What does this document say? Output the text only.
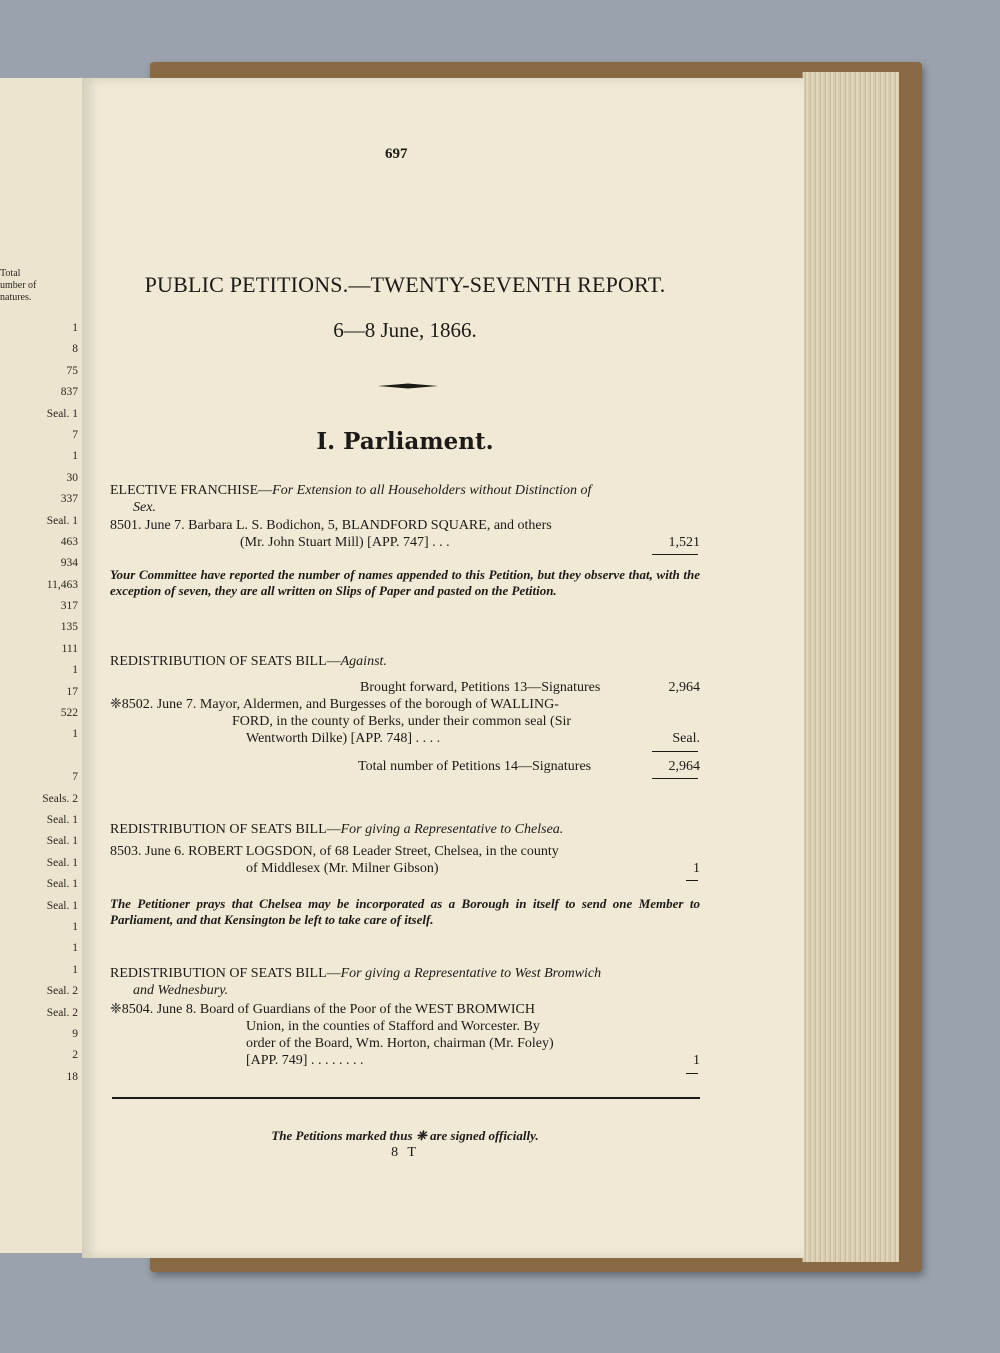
Total
umber of
natures.
1
8
75
837
Seal. 1
7
1
30
337
Seal. 1
463
934
11,463
317
135
111
1
17
522
1
7
Seals. 2
Seal. 1
Seal. 1
Seal. 1
Seal. 1
Seal. 1
1
1
1
Seal. 2
Seal. 2
9
2
18
697
PUBLIC PETITIONS.—TWENTY-SEVENTH REPORT.
6—8 June, 1866.
I. Parliament.
ELECTIVE FRANCHISE—For Extension to all Householders without Distinction of
Sex.
8501. June 7. Barbara L. S. Bodichon, 5, BLANDFORD SQUARE, and others
(Mr. John Stuart Mill) [APP. 747] . . .	1,521
Your Committee have reported the number of names appended to this Petition, but they observe that, with the exception of seven, they are all written on Slips of Paper and pasted on the Petition.
REDISTRIBUTION OF SEATS BILL—Against.
Brought forward, Petitions 13—Signatures	2,964
❈8502. June 7. Mayor, Aldermen, and Burgesses of the borough of WALLING-
FORD, in the county of Berks, under their common seal (Sir
Wentworth Dilke) [APP. 748] . . . .	Seal.
Total number of Petitions 14—Signatures	2,964
REDISTRIBUTION OF SEATS BILL—For giving a Representative to Chelsea.
8503. June 6. ROBERT LOGSDON, of 68 Leader Street, Chelsea, in the county
of Middlesex (Mr. Milner Gibson)	1
The Petitioner prays that Chelsea may be incorporated as a Borough in itself to send one Member to Parliament, and that Kensington be left to take care of itself.
REDISTRIBUTION OF SEATS BILL—For giving a Representative to West Bromwich
and Wednesbury.
❈8504. June 8. Board of Guardians of the Poor of the WEST BROMWICH
Union, in the counties of Stafford and Worcester. By
order of the Board, Wm. Horton, chairman (Mr. Foley)
[APP. 749] . . . . . . . .	1
The Petitions marked thus ❈ are signed officially.
8 T
